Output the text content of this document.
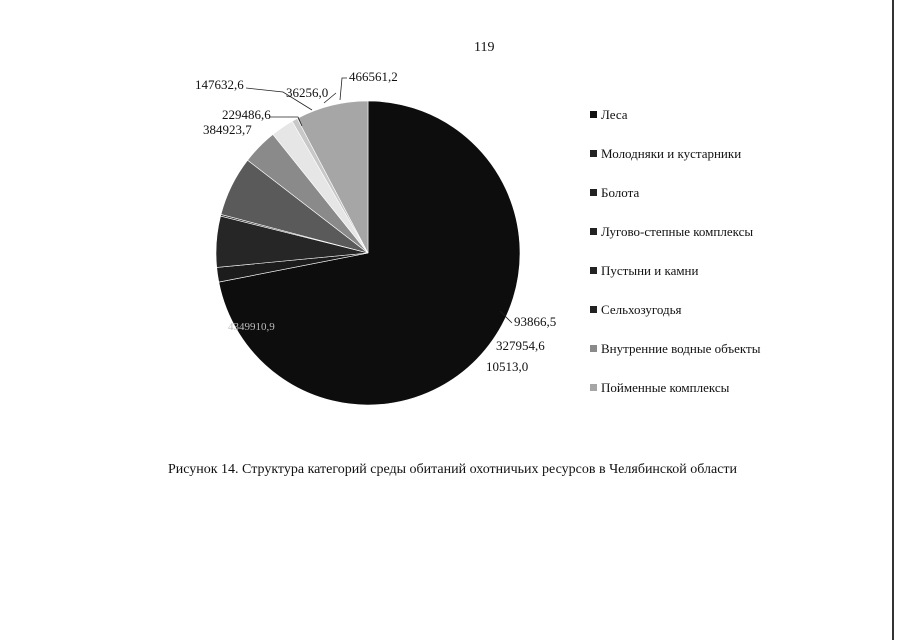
119
4349910,9	93866,5
327954,6
10513,0
384923,7
229486,6
147632,6
36256,0
466561,2
Леса
Молодняки и кустарники
Болота
Лугово-степные комплексы
Пустыни и камни
Сельхозугодья
Внутренние водные объекты
Пойменные комплексы
Рисунок 14. Структура категорий среды обитаний охотничьих ресурсов в Челябинской области
